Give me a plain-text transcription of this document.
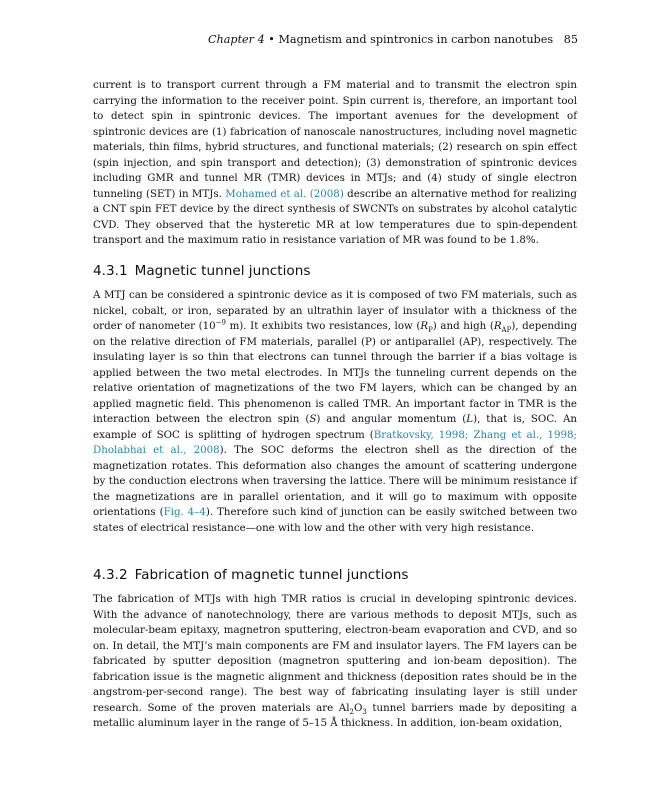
Chapter 4 • Magnetism and spintronics in carbon nanotubes 85

current is to transport current through a FM material and to transmit the electron spin carrying the information to the receiver point. Spin current is, therefore, an important tool to detect spin in spintronic devices. The important avenues for the development of spintronic devices are (1) fabrication of nanoscale nanostructures, including novel magnetic materials, thin films, hybrid structures, and functional materials; (2) research on spin effect (spin injection, and spin transport and detection); (3) demonstration of spintronic devices including GMR and tunnel MR (TMR) devices in MTJs; and (4) study of single electron tunneling (SET) in MTJs. Mohamed et al. (2008) describe an alternative method for realizing a CNT spin FET device by the direct synthesis of SWCNTs on substrates by alcohol catalytic CVD. They observed that the hysteretic MR at low temperatures due to spin-dependent transport and the maximum ratio in resistance variation of MR was found to be 1.8%.

4.3.1 Magnetic tunnel junctions

A MTJ can be considered a spintronic device as it is composed of two FM materials, such as nickel, cobalt, or iron, separated by an ultrathin layer of insulator with a thickness of the order of nanometer ($10^{-9}$ m). It exhibits two resistances, low $(R_P)$ and high $(R_{AP})$, depending on the relative direction of FM materials, parallel (P) or antiparallel (AP), respectively. The insulating layer is so thin that electrons can tunnel through the barrier if a bias voltage is applied between the two metal electrodes. In MTJs the tunneling current depends on the relative orientation of magnetizations of the two FM layers, which can be changed by an applied magnetic field. This phenomenon is called TMR. An important factor in TMR is the interaction between the electron spin (S) and angular momentum (L), that is, SOC. An example of SOC is splitting of hydrogen spectrum (Bratkovsky, 1998; Zhang et al., 1998; Dholabhai et al., 2008). The SOC deforms the electron shell as the direction of the magnetization rotates. This deformation also changes the amount of scattering undergone by the conduction electrons when traversing the lattice. There will be minimum resistance if the magnetizations are in parallel orientation, and it will go to maximum with opposite orientations (Fig. 4–4). Therefore such kind of junction can be easily switched between two states of electrical resistance—one with low and the other with very high resistance.

4.3.2 Fabrication of magnetic tunnel junctions

The fabrication of MTJs with high TMR ratios is crucial in developing spintronic devices. With the advance of nanotechnology, there are various methods to deposit MTJs, such as molecular-beam epitaxy, magnetron sputtering, electron-beam evaporation and CVD, and so on. In detail, the MTJ’s main components are FM and insulator layers. The FM layers can be fabricated by sputter deposition (magnetron sputtering and ion-beam deposition). The fabrication issue is the magnetic alignment and thickness (deposition rates should be in the angstrom-per-second range). The best way of fabricating insulating layer is still under research. Some of the proven materials are $Al_2O_3$ tunnel barriers made by depositing a metallic aluminum layer in the range of 5–15 Å thickness. In addition, ion-beam oxidation,
